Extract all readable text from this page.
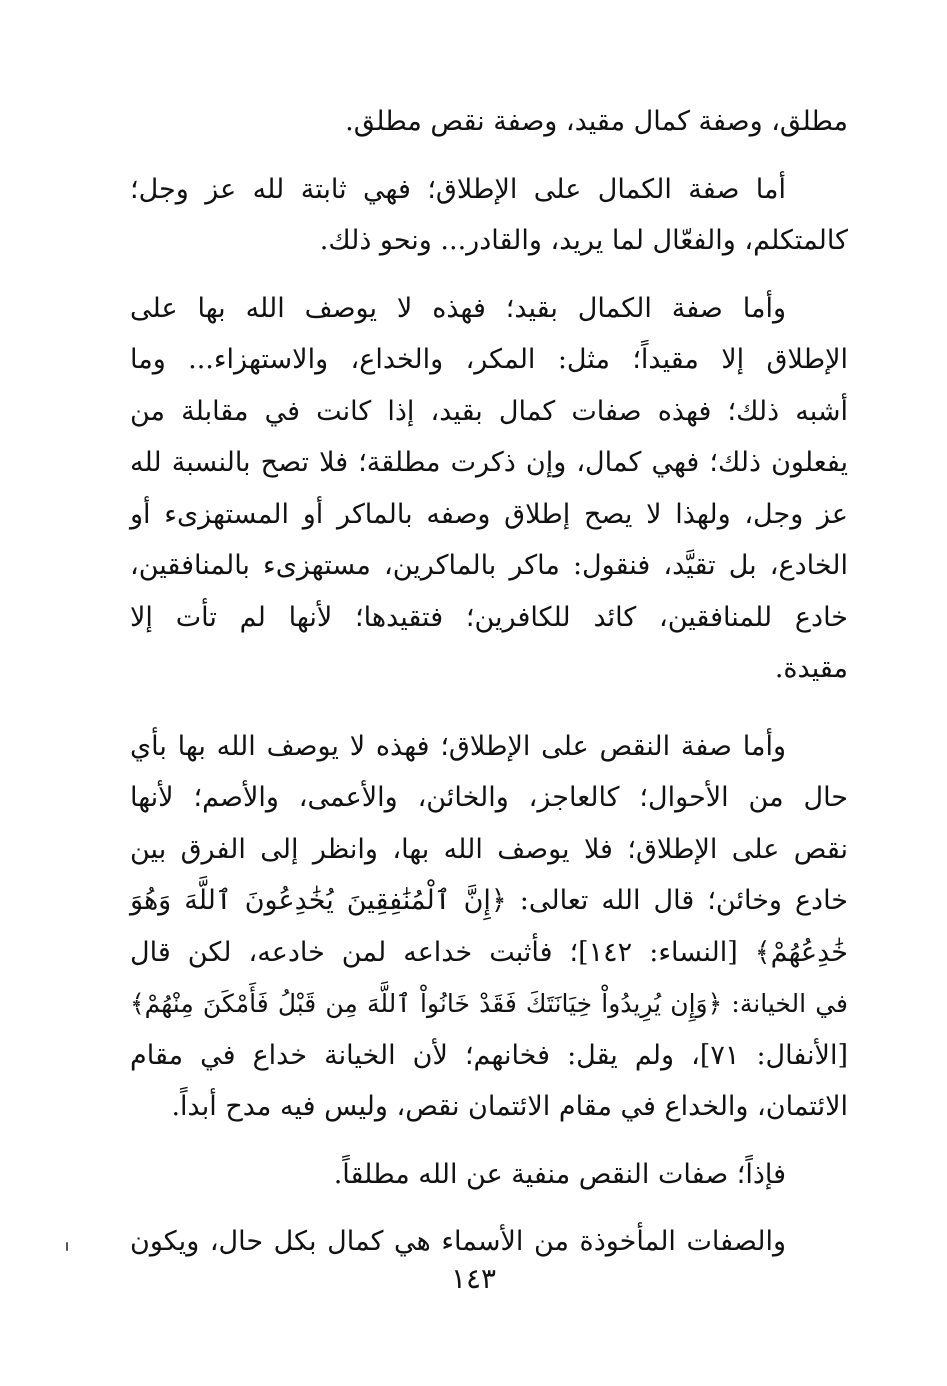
مطلق، وصفة كمال مقيد، وصفة نقص مطلق.

أما صفة الكمال على الإطلاق؛ فهي ثابتة لله عز وجل؛
كالمتكلم، والفعّال لما يريد، والقادر... ونحو ذلك.

وأما صفة الكمال بقيد؛ فهذه لا يوصف الله بها على
الإطلاق إلا مقيداً؛ مثل: المكر، والخداع، والاستهزاء... وما
أشبه ذلك؛ فهذه صفات كمال بقيد، إذا كانت في مقابلة من
يفعلون ذلك؛ فهي كمال، وإن ذكرت مطلقة؛ فلا تصح بالنسبة لله
عز وجل، ولهذا لا يصح إطلاق وصفه بالماكر أو المستهزىء أو
الخادع، بل تقيَّد، فنقول: ماكر بالماكرين، مستهزىء بالمنافقين،
خادع للمنافقين، كائد للكافرين؛ فتقيدها؛ لأنها لم تأت إلا
مقيدة.

وأما صفة النقص على الإطلاق؛ فهذه لا يوصف الله بها بأي
حال من الأحوال؛ كالعاجز، والخائن، والأعمى، والأصم؛ لأنها
نقص على الإطلاق؛ فلا يوصف الله بها، وانظر إلى الفرق بين
خادع وخائن؛ قال الله تعالى: ﴿إِنَّ ٱلْمُنَٰفِقِينَ يُخَٰدِعُونَ ٱللَّهَ وَهُوَ
خَٰدِعُهُمْ﴾ [النساء: ١٤٢]؛ فأثبت خداعه لمن خادعه، لكن قال
في الخيانة: ﴿وَإِن يُرِيدُواْ خِيَانَتَكَ فَقَدْ خَانُواْ ٱللَّهَ مِن قَبْلُ فَأَمْكَنَ مِنْهُمْ﴾
[الأنفال: ٧١]، ولم يقل: فخانهم؛ لأن الخيانة خداع في مقام
الائتمان، والخداع في مقام الائتمان نقص، وليس فيه مدح أبداً.

فإذاً؛ صفات النقص منفية عن الله مطلقاً.

والصفات المأخوذة من الأسماء هي كمال بكل حال، ويكون

١٤٣
